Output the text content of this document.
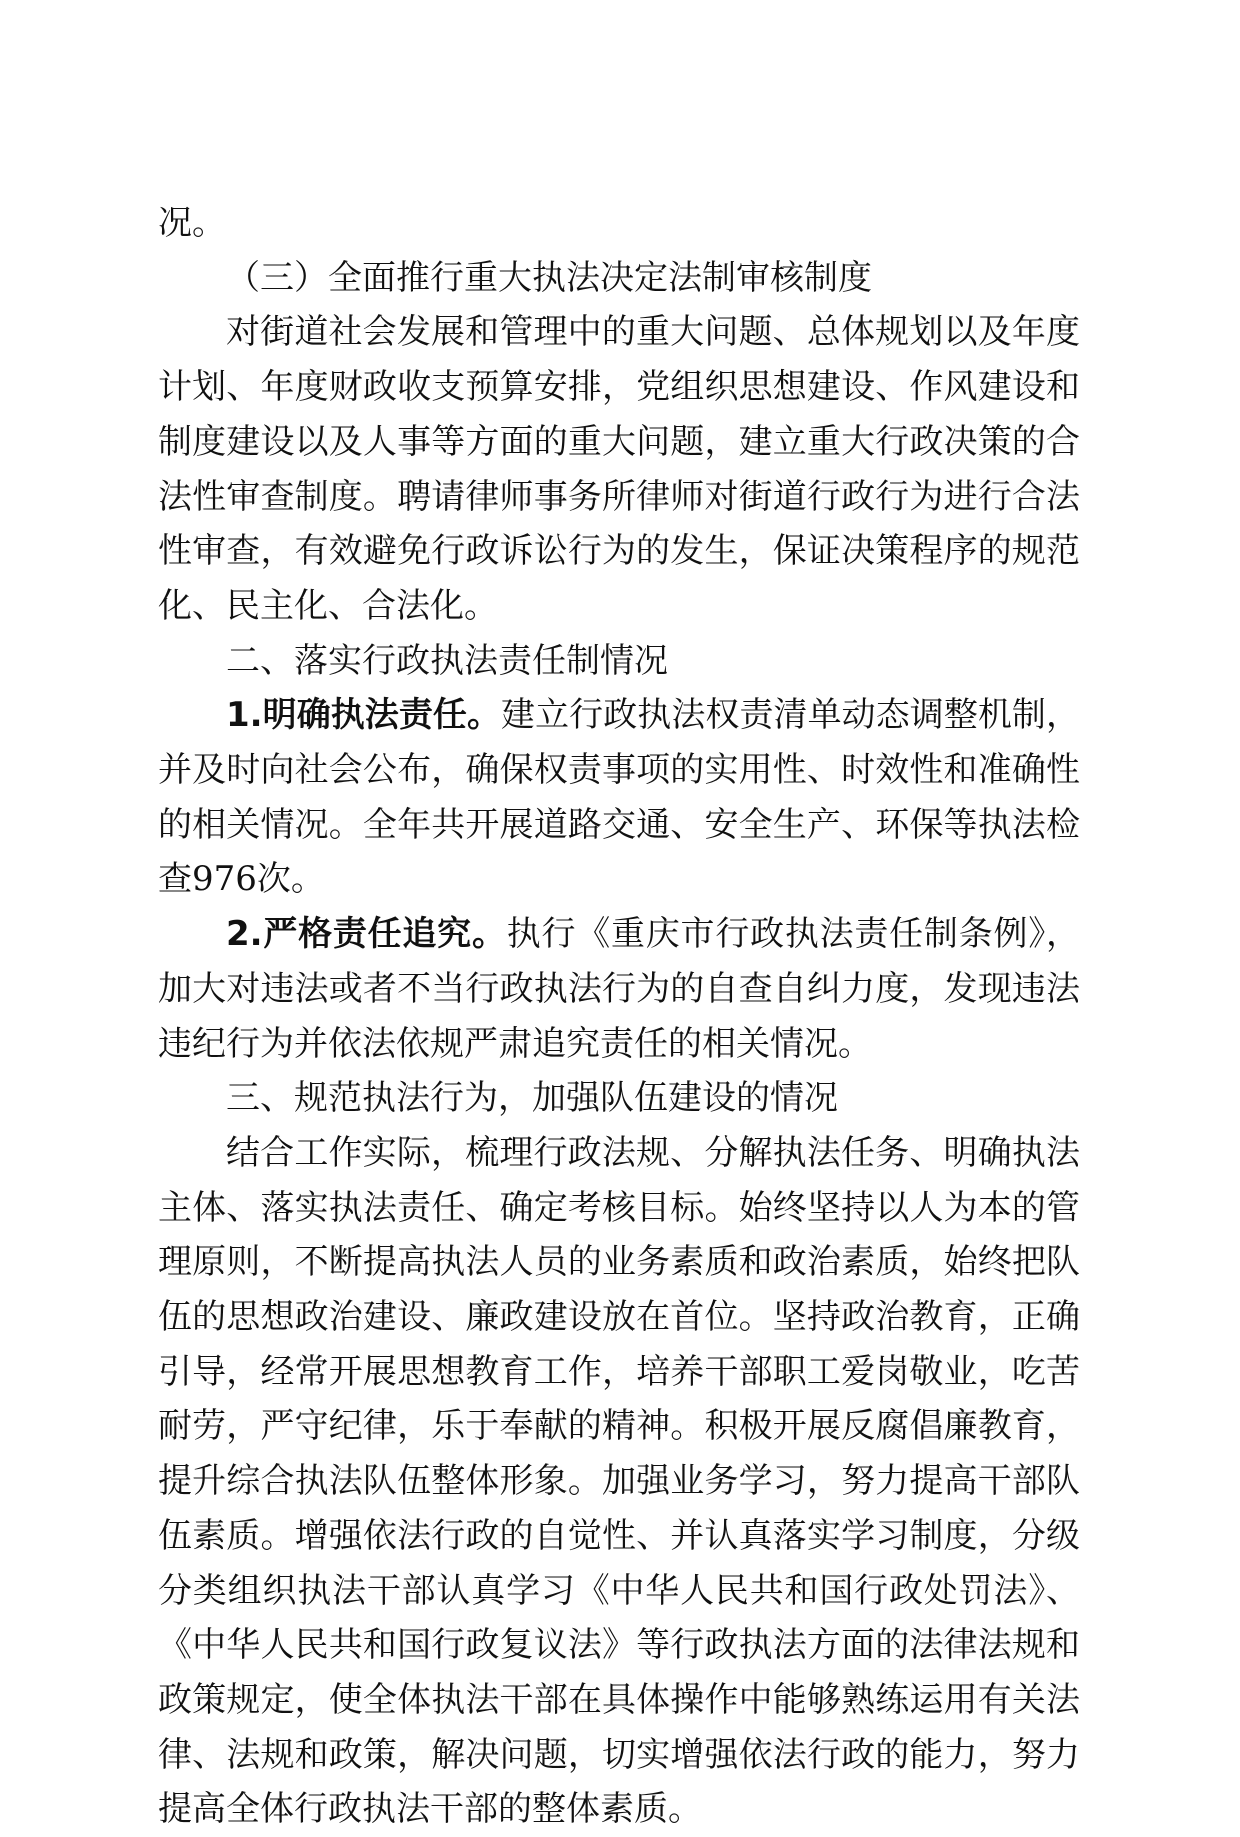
况。
（三）全面推行重大执法决定法制审核制度
对街道社会发展和管理中的重大问题、总体规划以及年度
计划、年度财政收支预算安排，党组织思想建设、作风建设和
制度建设以及人事等方面的重大问题，建立重大行政决策的合
法性审查制度。聘请律师事务所律师对街道行政行为进行合法
性审查，有效避免行政诉讼行为的发生，保证决策程序的规范
化、民主化、合法化。
二、落实行政执法责任制情况
1.明确执法责任。建立行政执法权责清单动态调整机制，
并及时向社会公布，确保权责事项的实用性、时效性和准确性
的相关情况。全年共开展道路交通、安全生产、环保等执法检
查976次。
2.严格责任追究。执行《重庆市行政执法责任制条例》，
加大对违法或者不当行政执法行为的自查自纠力度，发现违法
违纪行为并依法依规严肃追究责任的相关情况。
三、规范执法行为，加强队伍建设的情况
结合工作实际，梳理行政法规、分解执法任务、明确执法
主体、落实执法责任、确定考核目标。始终坚持以人为本的管
理原则，不断提高执法人员的业务素质和政治素质，始终把队
伍的思想政治建设、廉政建设放在首位。坚持政治教育，正确
引导，经常开展思想教育工作，培养干部职工爱岗敬业，吃苦
耐劳，严守纪律，乐于奉献的精神。积极开展反腐倡廉教育，
提升综合执法队伍整体形象。加强业务学习，努力提高干部队
伍素质。增强依法行政的自觉性、并认真落实学习制度，分级
分类组织执法干部认真学习《中华人民共和国行政处罚法》、
《中华人民共和国行政复议法》等行政执法方面的法律法规和
政策规定，使全体执法干部在具体操作中能够熟练运用有关法
律、法规和政策，解决问题，切实增强依法行政的能力，努力
提高全体行政执法干部的整体素质。
